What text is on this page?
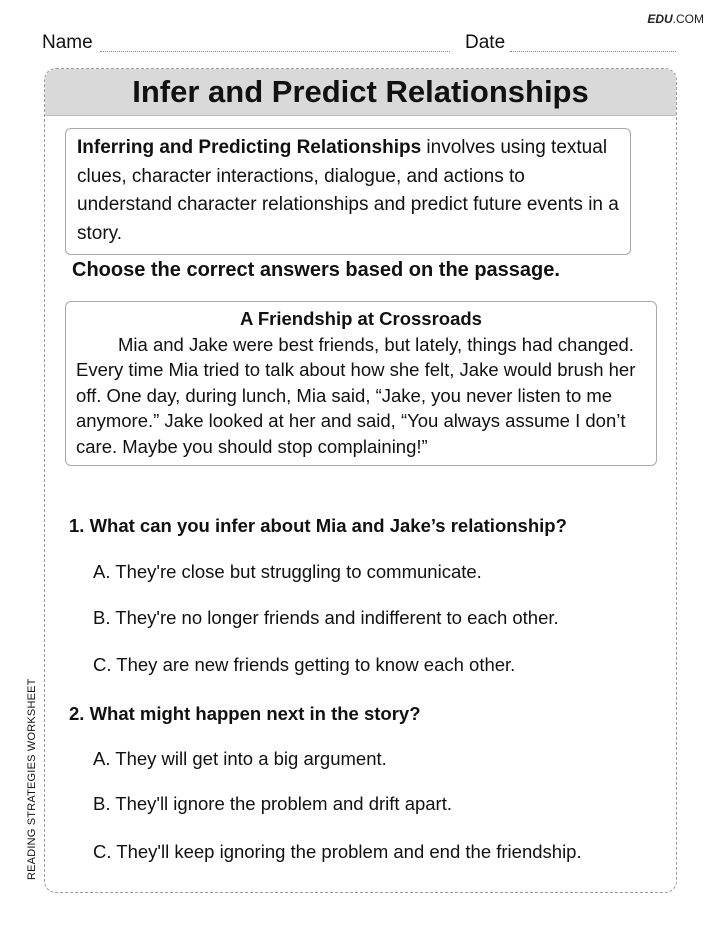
EDU.COM
Name	Date
Infer and Predict Relationships
Inferring and Predicting Relationships involves using textual clues, character interactions, dialogue, and actions to understand character relationships and predict future events in a story.
Choose the correct answers based on the passage.
A Friendship at Crossroads
Mia and Jake were best friends, but lately, things had changed. Every time Mia tried to talk about how she felt, Jake would brush her off. One day, during lunch, Mia said, “Jake, you never listen to me anymore.” Jake looked at her and said, “You always assume I don’t care. Maybe you should stop complaining!”
1. What can you infer about Mia and Jake’s relationship?
A. They're close but struggling to communicate.
B. They're no longer friends and indifferent to each other.
C. They are new friends getting to know each other.
2. What might happen next in the story?
A. They will get into a big argument.
B. They'll ignore the problem and drift apart.
C. They'll keep ignoring the problem and end the friendship.
READING STRATEGIES WORKSHEET
